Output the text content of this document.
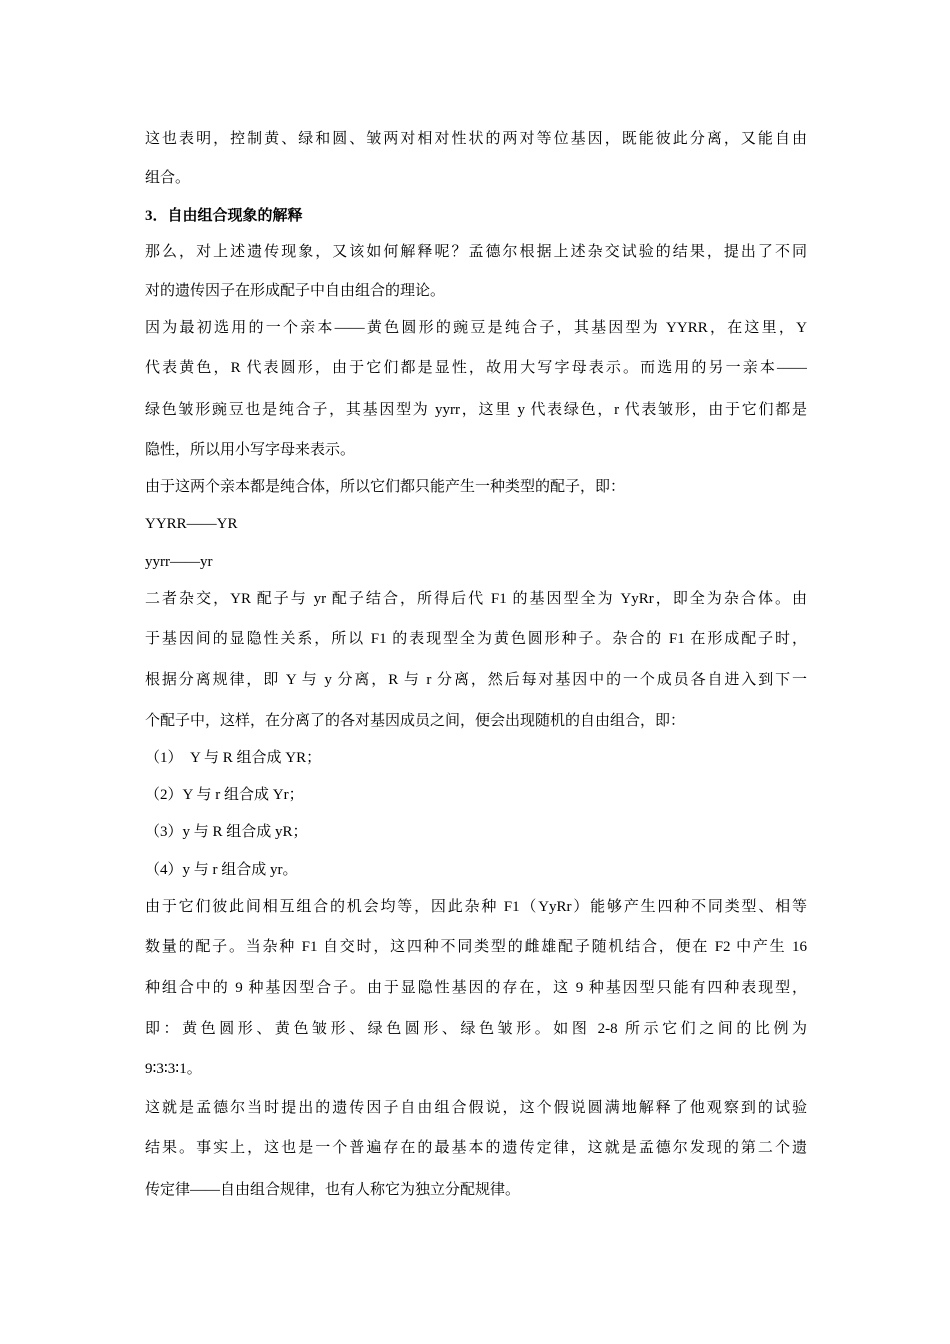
这也表明，控制黄、绿和圆、皱两对相对性状的两对等位基因，既能彼此分离，又能自由
组合。
3．自由组合现象的解释
那么，对上述遗传现象，又该如何解释呢？孟德尔根据上述杂交试验的结果，提出了不同
对的遗传因子在形成配子中自由组合的理论。
因为最初选用的一个亲本——黄色圆形的豌豆是纯合子，其基因型为 YYRR，在这里，Y
代表黄色，R 代表圆形，由于它们都是显性，故用大写字母表示。而选用的另一亲本——
绿色皱形豌豆也是纯合子，其基因型为 yyrr，这里 y 代表绿色，r 代表皱形，由于它们都是
隐性，所以用小写字母来表示。
由于这两个亲本都是纯合体，所以它们都只能产生一种类型的配子，即：
YYRR——YR
yyrr——yr
二者杂交，YR 配子与 yr 配子结合，所得后代 F1 的基因型全为 YyRr，即全为杂合体。由
于基因间的显隐性关系，所以 F1 的表现型全为黄色圆形种子。杂合的 F1 在形成配子时，
根据分离规律，即 Y 与 y 分离，R 与 r 分离，然后每对基因中的一个成员各自进入到下一
个配子中，这样，在分离了的各对基因成员之间，便会出现随机的自由组合，即：
（1）　Y 与 R 组合成 YR；
（2）Y 与 r 组合成 Yr；
（3）y 与 R 组合成 yR；
（4）y 与 r 组合成 yr。
由于它们彼此间相互组合的机会均等，因此杂种 F1（YyRr）能够产生四种不同类型、相等
数量的配子。当杂种 F1 自交时，这四种不同类型的雌雄配子随机结合，便在 F2 中产生 16
种组合中的 9 种基因型合子。由于显隐性基因的存在，这 9 种基因型只能有四种表现型，
即：黄色圆形、黄色皱形、绿色圆形、绿色皱形。如图 2-8 所示它们之间的比例为
9∶3∶3∶1。
这就是孟德尔当时提出的遗传因子自由组合假说，这个假说圆满地解释了他观察到的试验
结果。事实上，这也是一个普遍存在的最基本的遗传定律，这就是孟德尔发现的第二个遗
传定律——自由组合规律，也有人称它为独立分配规律。
